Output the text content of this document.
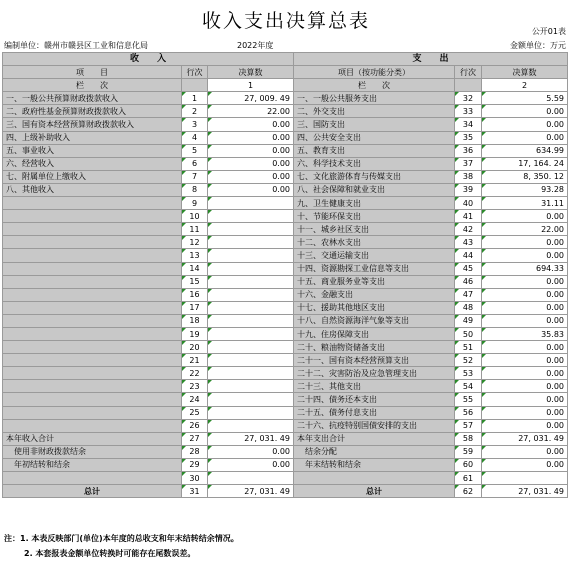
收入支出决算总表	公开01表
编制单位：赣州市赣县区工业和信息化局	2022年度	金额单位：万元
收　　入			支　　出		
项　　目	行次	决算数	项目（按功能分类）	行次	决算数
栏　　次		1	栏　　次		2
一、一般公共预算财政拨款收入	1	27, 009. 49	一、一般公共服务支出	32	5.59
二、政府性基金预算财政拨款收入	2	22.00	二、外交支出	33	0.00
三、国有资本经营预算财政拨款收入	3	0.00	三、国防支出	34	0.00
四、上级补助收入	4	0.00	四、公共安全支出	35	0.00
五、事业收入	5	0.00	五、教育支出	36	634.99
六、经营收入	6	0.00	六、科学技术支出	37	17, 164. 24
七、附属单位上缴收入	7	0.00	七、文化旅游体育与传媒支出	38	8, 350. 12
八、其他收入	8	0.00	八、社会保障和就业支出	39	93.28
	9		九、卫生健康支出	40	31.11
	10		十、节能环保支出	41	0.00
	11		十一、城乡社区支出	42	22.00
	12		十二、农林水支出	43	0.00
	13		十三、交通运输支出	44	0.00
	14		十四、资源勘探工业信息等支出	45	694.33
	15		十五、商业服务业等支出	46	0.00
	16		十六、金融支出	47	0.00
	17		十七、援助其他地区支出	48	0.00
	18		十八、自然资源海洋气象等支出	49	0.00
	19		十九、住房保障支出	50	35.83
	20		二十、粮油物资储备支出	51	0.00
	21		二十一、国有资本经营预算支出	52	0.00
	22		二十二、灾害防治及应急管理支出	53	0.00
	23		二十三、其他支出	54	0.00
	24		二十四、债务还本支出	55	0.00
	25		二十五、债务付息支出	56	0.00
	26		二十六、抗疫特别国债安排的支出	57	0.00
本年收入合计	27	27, 031. 49	本年支出合计	58	27, 031. 49
　使用非财政拨款结余	28	0.00	　结余分配	59	0.00
　年初结转和结余	29	0.00	　年末结转和结余	60	0.00
	30			61	
总计	31	27, 031. 49	总计	62	27, 031. 49
注：1. 本表反映部门(单位)本年度的总收支和年末结转结余情况。
2. 本套报表金额单位转换时可能存在尾数误差。
